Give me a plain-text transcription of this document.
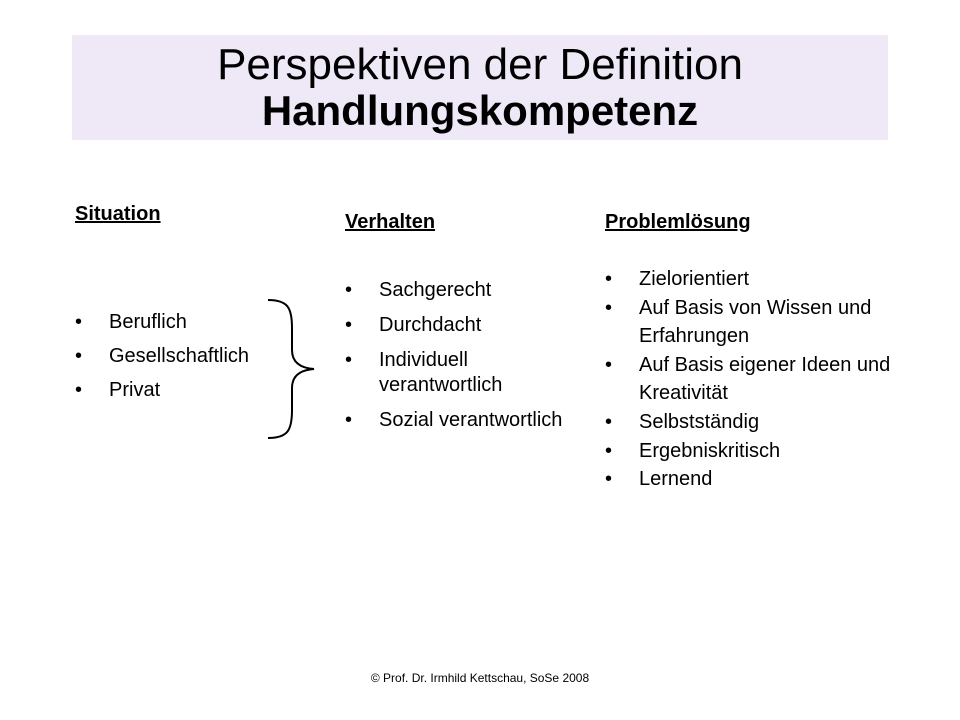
Perspektiven der Definition
Handlungskompetenz
Situation
• Beruflich
• Gesellschaftlich
• Privat
Verhalten
• Sachgerecht
• Durchdacht
• Individuell verantwortlich
• Sozial verantwortlich
Problemlösung
• Zielorientiert
• Auf Basis von Wissen und Erfahrungen
• Auf Basis eigener Ideen und Kreativität
• Selbstständig
• Ergebniskritisch
• Lernend
© Prof. Dr. Irmhild Kettschau, SoSe 2008
